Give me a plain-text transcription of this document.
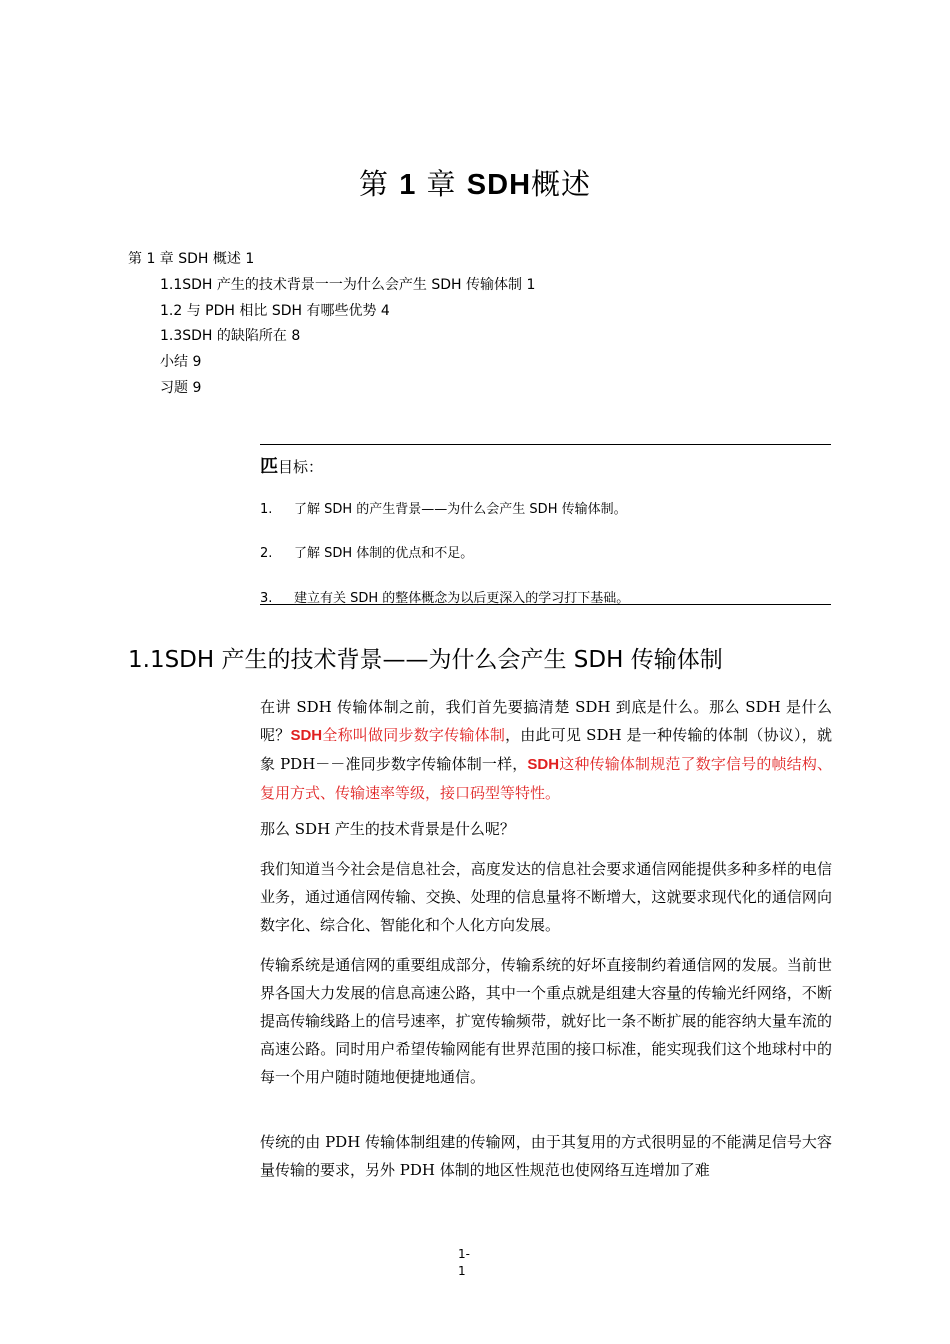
第 1 章 SDH概述
第 1 章 SDH 概述 1
1.1SDH 产生的技术背景一一为什么会产生 SDH 传输体制 1
1.2 与 PDH 相比 SDH 有哪些优势 4
1.3SDH 的缺陷所在 8
小结 9
习题 9
匹目标：
1. 了解 SDH 的产生背景——为什么会产生 SDH 传输体制。
2. 了解 SDH 体制的优点和不足。
3. 建立有关 SDH 的整体概念为以后更深入的学习打下基础。
1.1SDH 产生的技术背景——为什么会产生 SDH 传输体制
在讲 SDH 传输体制之前，我们首先要搞清楚 SDH 到底是什么。那么 SDH 是什么呢？SDH全称叫做同步数字传输体制，由此可见 SDH 是一种传输的体制（协议），就象 PDH－－准同步数字传输体制一样，SDH这种传输体制规范了数字信号的帧结构、复用方式、传输速率等级，接口码型等特性。
那么 SDH 产生的技术背景是什么呢？
我们知道当今社会是信息社会，高度发达的信息社会要求通信网能提供多种多样的电信业务，通过通信网传输、交换、处理的信息量将不断增大，这就要求现代化的通信网向数字化、综合化、智能化和个人化方向发展。
传输系统是通信网的重要组成部分，传输系统的好坏直接制约着通信网的发展。当前世界各国大力发展的信息高速公路，其中一个重点就是组建大容量的传输光纤网络，不断提高传输线路上的信号速率，扩宽传输频带，就好比一条不断扩展的能容纳大量车流的高速公路。同时用户希望传输网能有世界范围的接口标准，能实现我们这个地球村中的每一个用户随时随地便捷地通信。
传统的由 PDH 传输体制组建的传输网，由于其复用的方式很明显的不能满足信号大容量传输的要求，另外 PDH 体制的地区性规范也使网络互连增加了难
1-
1
